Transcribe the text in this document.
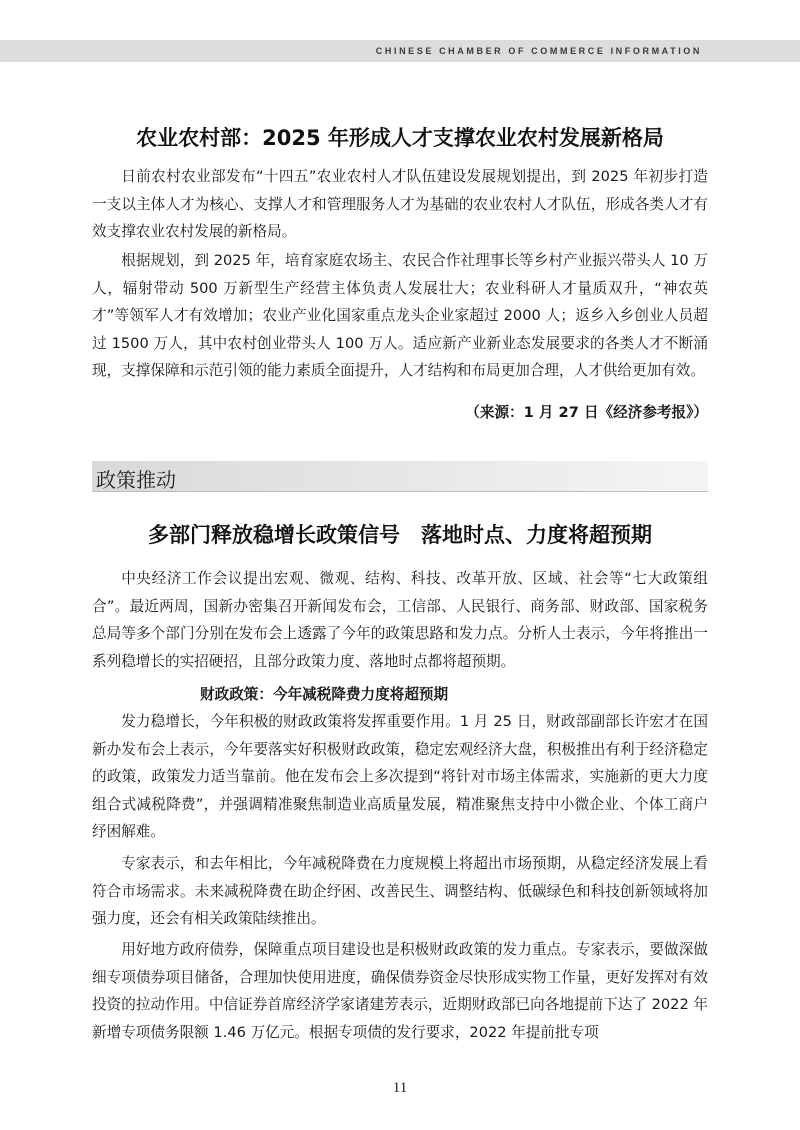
CHINESE CHAMBER OF COMMERCE INFORMATION
农业农村部：2025 年形成人才支撑农业农村发展新格局

日前农村农业部发布“十四五”农业农村人才队伍建设发展规划提出，到 2025 年初步打造一支以主体人才为核心、支撑人才和管理服务人才为基础的农业农村人才队伍，形成各类人才有效支撑农业农村发展的新格局。

根据规划，到 2025 年，培育家庭农场主、农民合作社理事长等乡村产业振兴带头人 10 万人，辐射带动 500 万新型生产经营主体负责人发展壮大；农业科研人才量质双升，“神农英才”等领军人才有效增加；农业产业化国家重点龙头企业家超过 2000 人；返乡入乡创业人员超过 1500 万人，其中农村创业带头人 100 万人。适应新产业新业态发展要求的各类人才不断涌现，支撑保障和示范引领的能力素质全面提升，人才结构和布局更加合理，人才供给更加有效。

（来源：1 月 27 日《经济参考报》）
政策推动
多部门释放稳增长政策信号　落地时点、力度将超预期

中央经济工作会议提出宏观、微观、结构、科技、改革开放、区域、社会等“七大政策组合”。最近两周，国新办密集召开新闻发布会，工信部、人民银行、商务部、财政部、国家税务总局等多个部门分别在发布会上透露了今年的政策思路和发力点。分析人士表示，今年将推出一系列稳增长的实招硬招，且部分政策力度、落地时点都将超预期。

财政政策：今年减税降费力度将超预期

发力稳增长，今年积极的财政政策将发挥重要作用。1 月 25 日，财政部副部长许宏才在国新办发布会上表示，今年要落实好积极财政政策，稳定宏观经济大盘，积极推出有利于经济稳定的政策，政策发力适当靠前。他在发布会上多次提到“将针对市场主体需求，实施新的更大力度组合式减税降费”，并强调精准聚焦制造业高质量发展，精准聚焦支持中小微企业、个体工商户纾困解难。

专家表示，和去年相比，今年减税降费在力度规模上将超出市场预期，从稳定经济发展上看符合市场需求。未来减税降费在助企纾困、改善民生、调整结构、低碳绿色和科技创新领域将加强力度，还会有相关政策陆续推出。

用好地方政府债券，保障重点项目建设也是积极财政政策的发力重点。专家表示，要做深做细专项债券项目储备，合理加快使用进度，确保债券资金尽快形成实物工作量，更好发挥对有效投资的拉动作用。中信证券首席经济学家诸建芳表示，近期财政部已向各地提前下达了 2022 年新增专项债务限额 1.46 万亿元。根据专项债的发行要求，2022 年提前批专项

11
